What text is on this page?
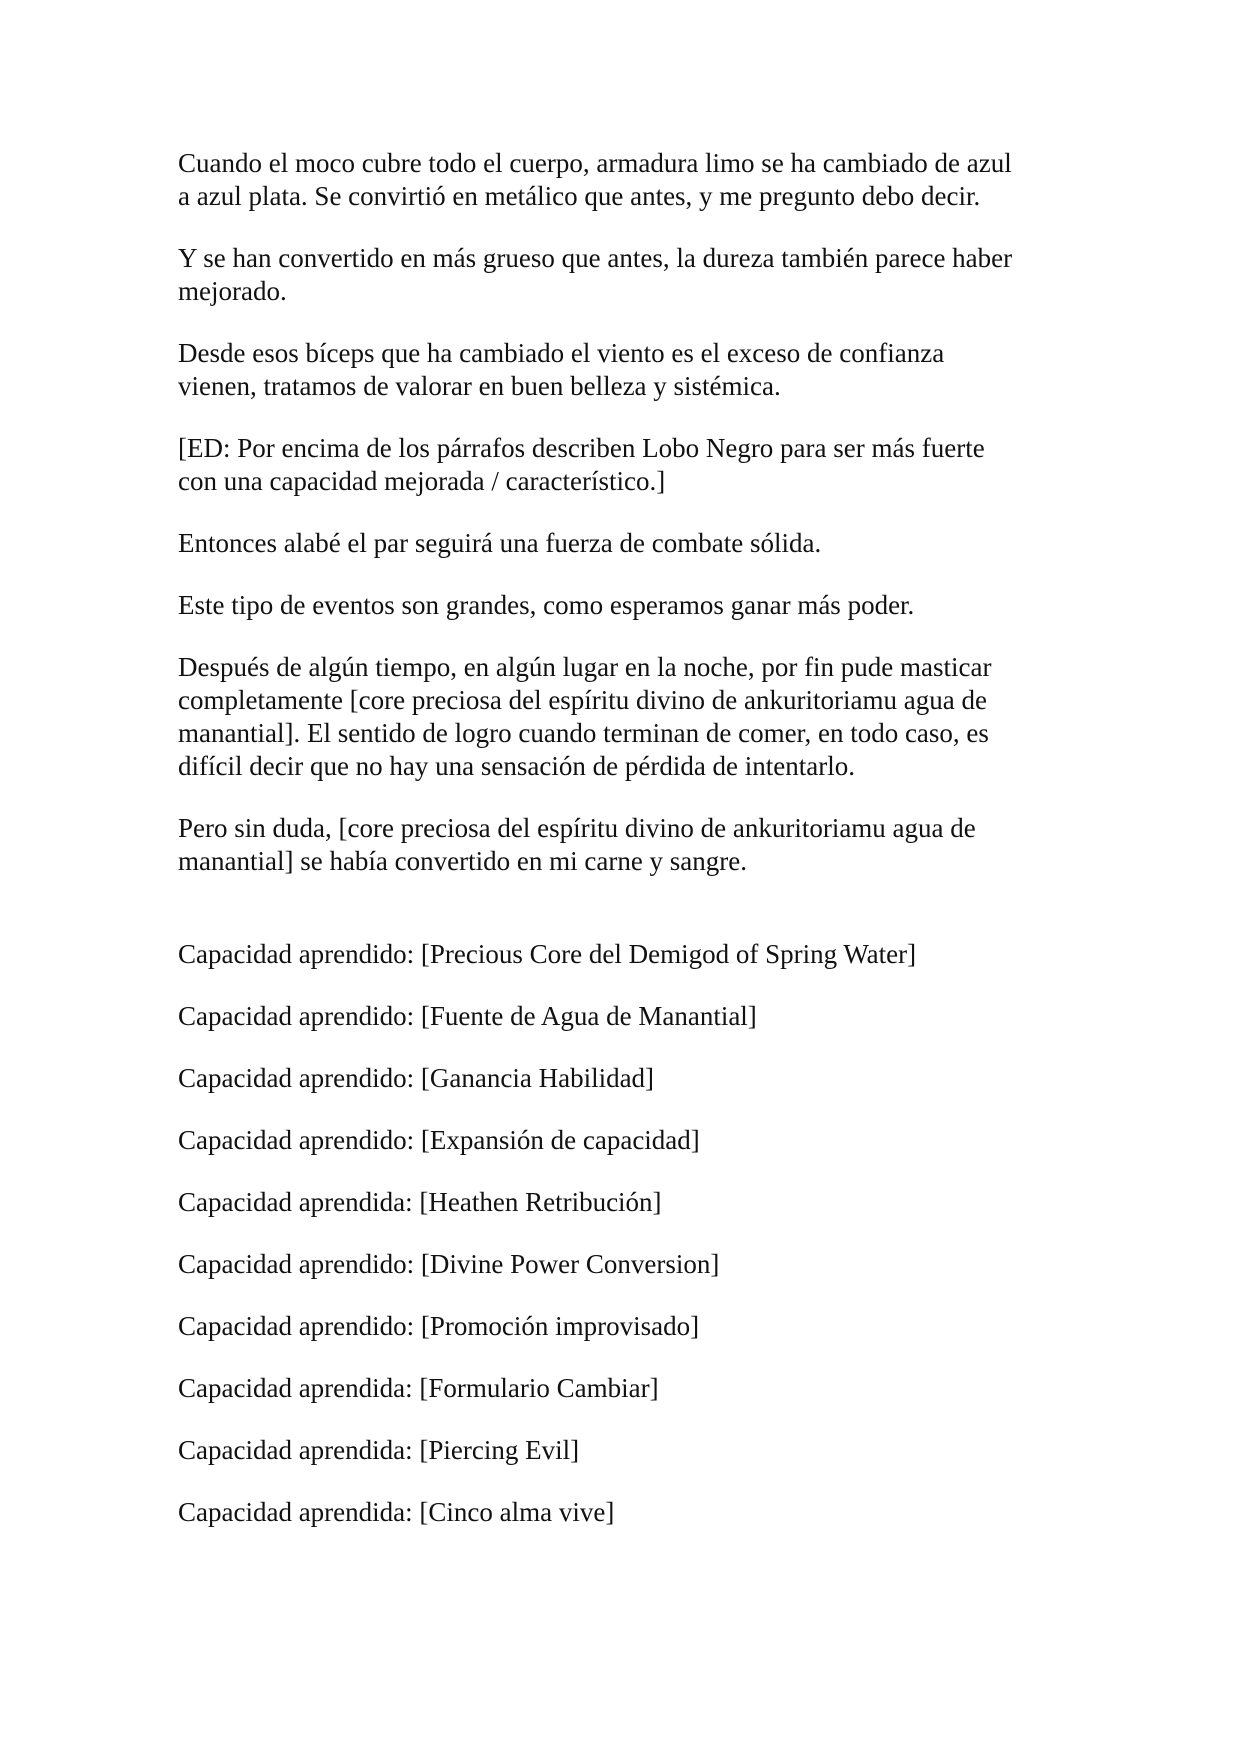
Cuando el moco cubre todo el cuerpo, armadura limo se ha cambiado de azul
a azul plata. Se convirtió en metálico que antes, y me pregunto debo decir.
Y se han convertido en más grueso que antes, la dureza también parece haber
mejorado.
Desde esos bíceps que ha cambiado el viento es el exceso de confianza
vienen, tratamos de valorar en buen belleza y sistémica.
[ED: Por encima de los párrafos describen Lobo Negro para ser más fuerte
con una capacidad mejorada / característico.]
Entonces alabé el par seguirá una fuerza de combate sólida.
Este tipo de eventos son grandes, como esperamos ganar más poder.
Después de algún tiempo, en algún lugar en la noche, por fin pude masticar
completamente [core preciosa del espíritu divino de ankuritoriamu agua de
manantial]. El sentido de logro cuando terminan de comer, en todo caso, es
difícil decir que no hay una sensación de pérdida de intentarlo.
Pero sin duda, [core preciosa del espíritu divino de ankuritoriamu agua de
manantial] se había convertido en mi carne y sangre.
Capacidad aprendido: [Precious Core del Demigod of Spring Water]
Capacidad aprendido: [Fuente de Agua de Manantial]
Capacidad aprendido: [Ganancia Habilidad]
Capacidad aprendido: [Expansión de capacidad]
Capacidad aprendida: [Heathen Retribución]
Capacidad aprendido: [Divine Power Conversion]
Capacidad aprendido: [Promoción improvisado]
Capacidad aprendida: [Formulario Cambiar]
Capacidad aprendida: [Piercing Evil]
Capacidad aprendida: [Cinco alma vive]
